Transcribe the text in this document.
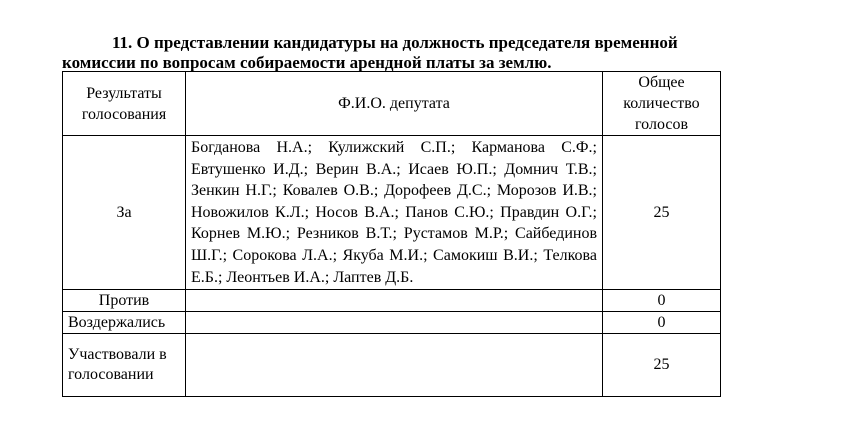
11. О представлении кандидатуры на должность председателя временной
комиссии по вопросам собираемости арендной платы за землю.
Результаты голосования	Ф.И.О. депутата	Общее количество голосов
За	Богданова Н.А.; Кулижский С.П.; Карманова С.Ф.; Евтушенко И.Д.; Верин В.А.; Исаев Ю.П.; Домнич Т.В.; Зенкин Н.Г.; Ковалев О.В.; Дорофеев Д.С.; Морозов И.В.; Новожилов К.Л.; Носов В.А.; Панов С.Ю.; Правдин О.Г.; Корнев М.Ю.; Резников В.Т.; Рустамов М.Р.; Сайбединов Ш.Г.; Сорокова Л.А.; Якуба М.И.; Самокиш В.И.; Телкова Е.Б.; Леонтьев И.А.; Лаптев Д.Б.	25
Против		0
Воздержались		0
Участвовали в голосовании		25
